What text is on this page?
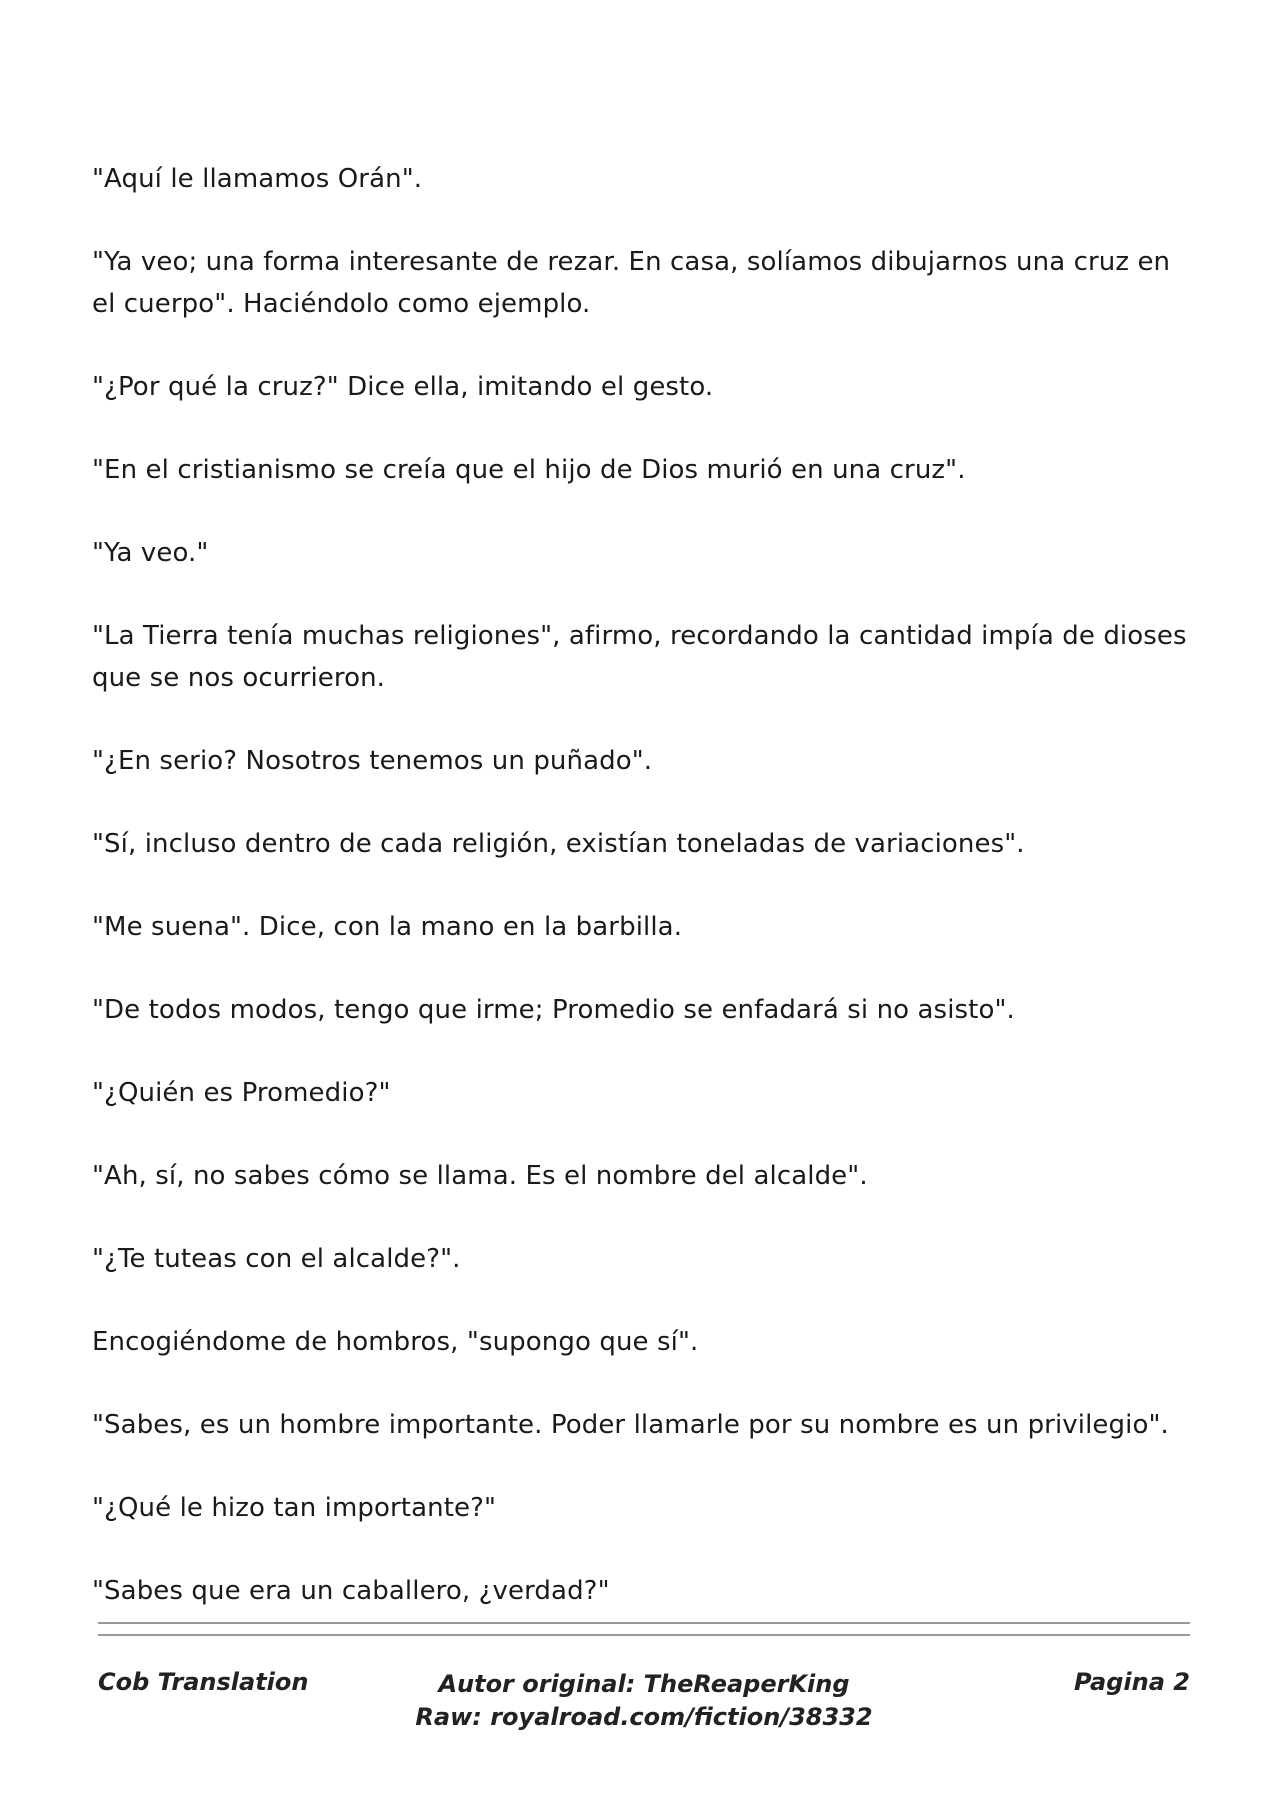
"Aquí le llamamos Orán".

"Ya veo; una forma interesante de rezar. En casa, solíamos dibujarnos una cruz en el cuerpo". Haciéndolo como ejemplo.

"¿Por qué la cruz?" Dice ella, imitando el gesto.

"En el cristianismo se creía que el hijo de Dios murió en una cruz".

"Ya veo."

"La Tierra tenía muchas religiones", afirmo, recordando la cantidad impía de dioses que se nos ocurrieron.

"¿En serio? Nosotros tenemos un puñado".

"Sí, incluso dentro de cada religión, existían toneladas de variaciones".

"Me suena". Dice, con la mano en la barbilla.

"De todos modos, tengo que irme; Promedio se enfadará si no asisto".

"¿Quién es Promedio?"

"Ah, sí, no sabes cómo se llama. Es el nombre del alcalde".

"¿Te tuteas con el alcalde?".

Encogiéndome de hombros, "supongo que sí".

"Sabes, es un hombre importante. Poder llamarle por su nombre es un privilegio".

"¿Qué le hizo tan importante?"

"Sabes que era un caballero, ¿verdad?"

Cob Translation	Autor original: TheReaperKing
Raw: royalroad.com/fiction/38332
Pagina 2
